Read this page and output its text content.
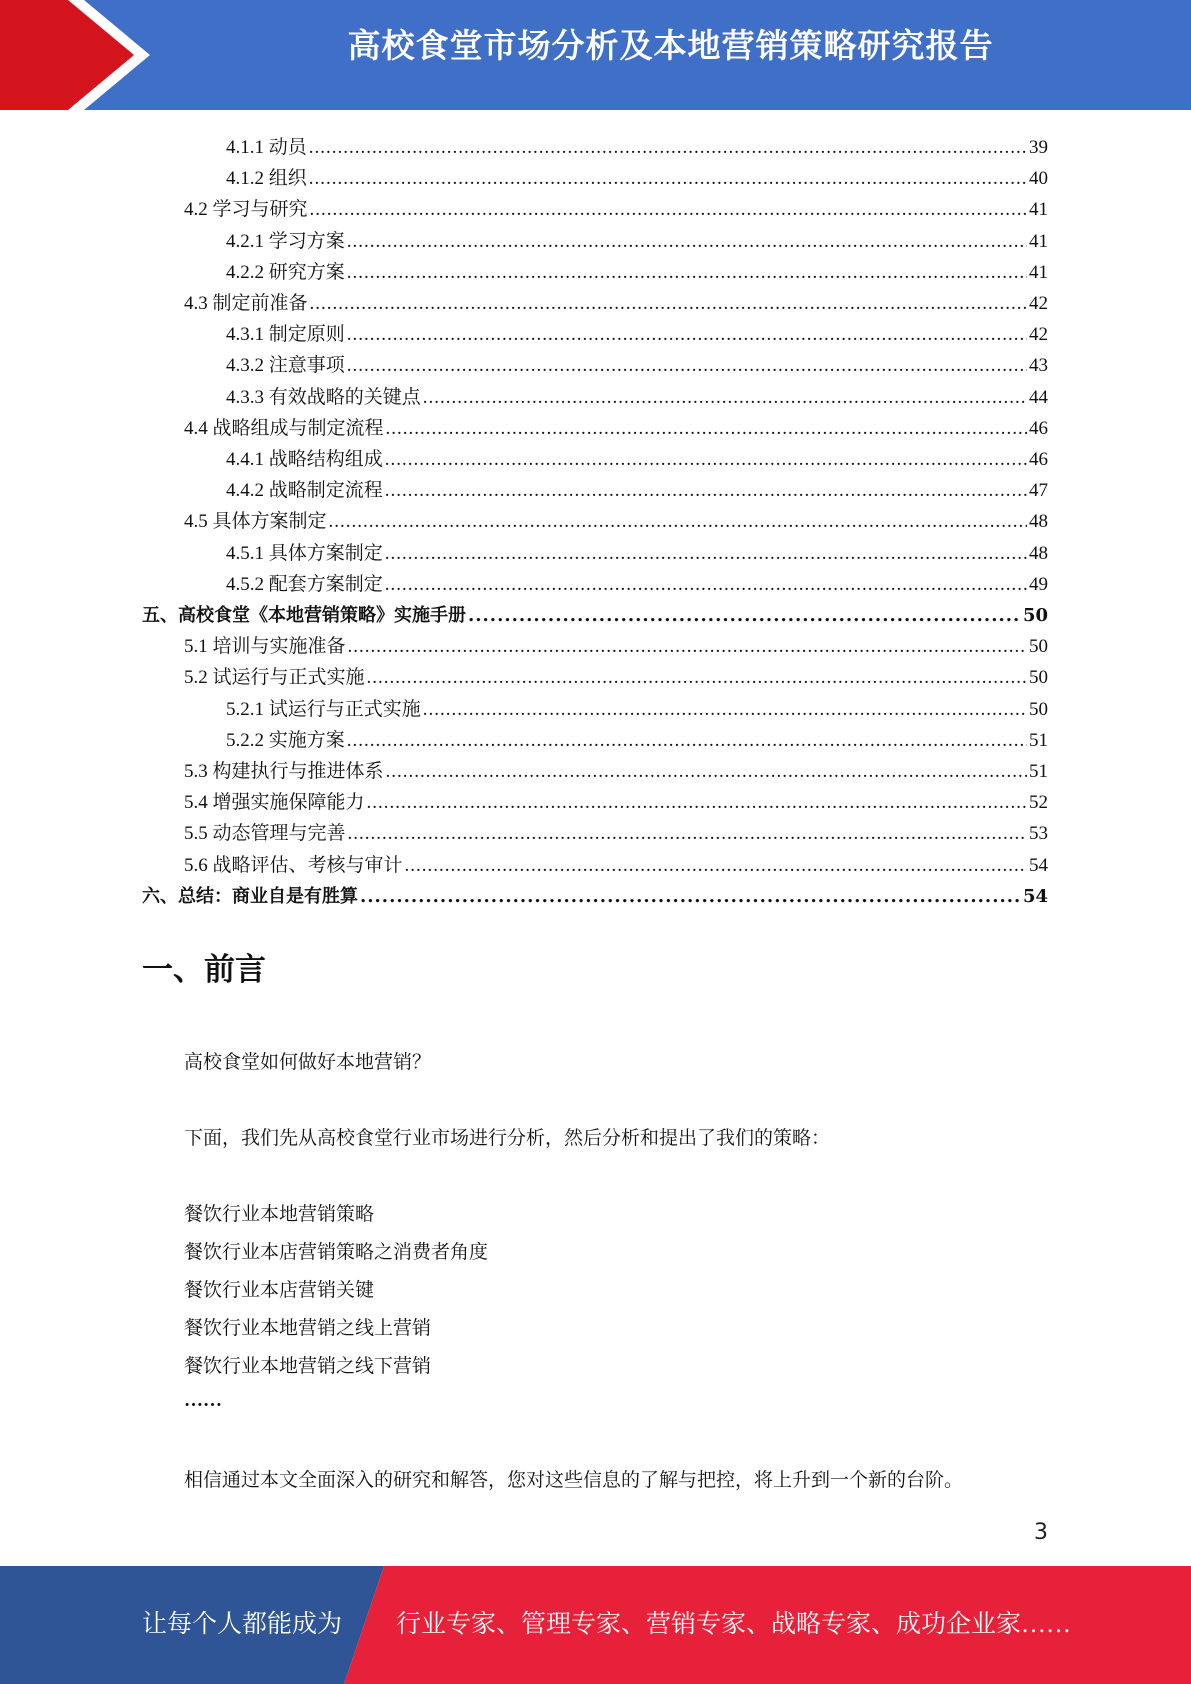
高校食堂市场分析及本地营销策略研究报告
4.1.1 动员 .....	39
4.1.2 组织 .....	40
4.2 学习与研究 .....	41
4.2.1 学习方案 .....	41
4.2.2 研究方案 .....	41
4.3 制定前准备 .....	42
4.3.1 制定原则 .....	42
4.3.2 注意事项 .....	43
4.3.3 有效战略的关键点 .....	44
4.4 战略组成与制定流程 .....	46
4.4.1 战略结构组成 .....	46
4.4.2 战略制定流程 .....	47
4.5 具体方案制定 .....	48
4.5.1 具体方案制定 .....	48
4.5.2 配套方案制定 .....	49
五、高校食堂《本地营销策略》实施手册 .....	50
5.1 培训与实施准备 .....	50
5.2 试运行与正式实施 .....	50
5.2.1 试运行与正式实施 .....	50
5.2.2 实施方案 .....	51
5.3 构建执行与推进体系 .....	51
5.4 增强实施保障能力 .....	52
5.5 动态管理与完善 .....	53
5.6 战略评估、考核与审计 .....	54
六、总结：商业自是有胜算 .....	54
一、前言
高校食堂如何做好本地营销？
下面，我们先从高校食堂行业市场进行分析，然后分析和提出了我们的策略：
餐饮行业本地营销策略
餐饮行业本店营销策略之消费者角度
餐饮行业本店营销关键
餐饮行业本地营销之线上营销
餐饮行业本地营销之线下营销
……
相信通过本文全面深入的研究和解答，您对这些信息的了解与把控，将上升到一个新的台阶。
3
让每个人都能成为 行业专家、管理专家、营销专家、战略专家、成功企业家……
